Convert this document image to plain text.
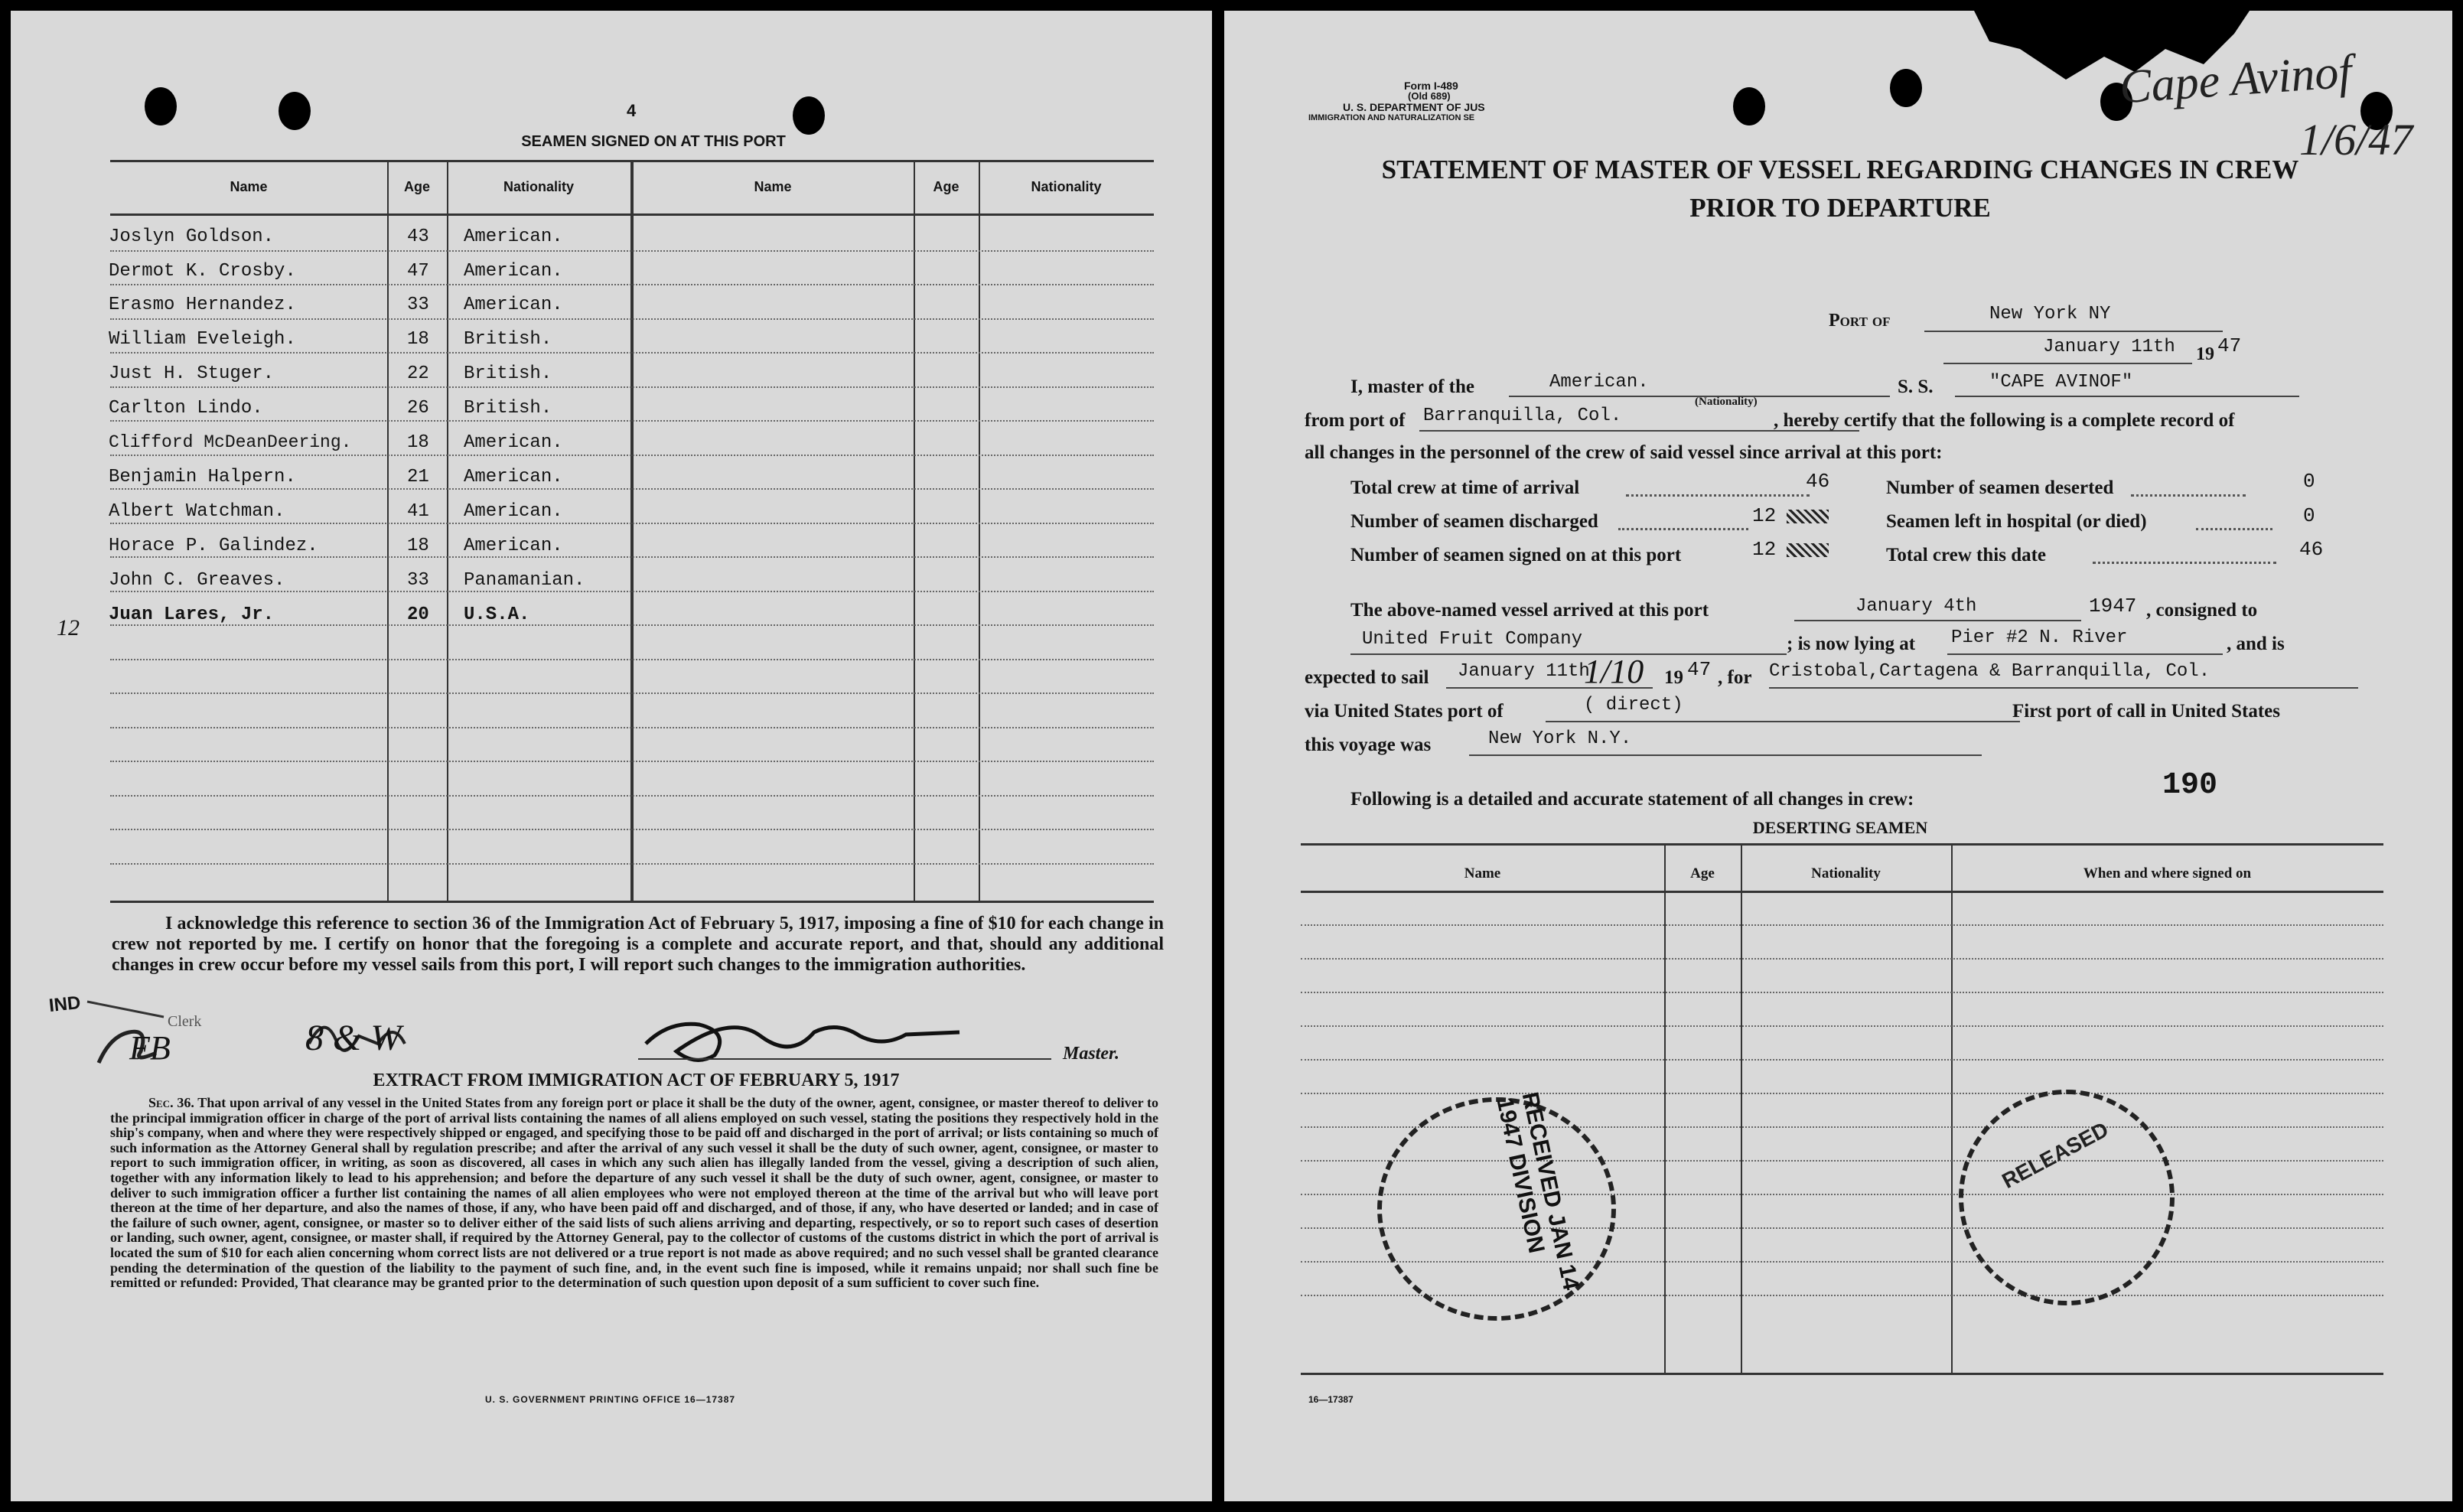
4
SEAMEN SIGNED ON AT THIS PORT
Name	Age	Nationality	Name	Age	Nationality
12
Joslyn Goldson.	43 American.
Dermot K. Crosby.	47 American.
Erasmo Hernandez.	33 American.
William Eveleigh.	18 British.
Just H. Stuger.	22 British.
Carlton Lindo.	26 British.
Clifford McDeanDeering.	18 American.
Benjamin Halpern.	21 American.
Albert Watchman.	41 American.
Horace P. Galindez.	18 American.
John C. Greaves.	33 Panamanian.
Juan Lares, Jr.	20 U.S.A.
I acknowledge this reference to section 36 of the Immigration Act of February 5, 1917, imposing a fine of $10 for each change in crew not reported by me. I certify on honor that the foregoing is a complete and accurate report, and that, should any additional changes in crew occur before my vessel sails from this port, I will report such changes to the immigration authorities.
IND
Clerk
FB	8 & W	Master.
EXTRACT FROM IMMIGRATION ACT OF FEBRUARY 5, 1917
Sec. 36. That upon arrival of any vessel in the United States from any foreign port or place it shall be the duty of the owner, agent, consignee, or master thereof to deliver to the principal immigration officer in charge of the port of arrival lists containing the names of all aliens employed on such vessel, stating the positions they respectively hold in the ship's company, when and where they were respectively shipped or engaged, and specifying those to be paid off and discharged in the port of arrival; or lists containing so much of such information as the Attorney General shall by regulation prescribe; and after the arrival of any such vessel it shall be the duty of such owner, agent, consignee, or master to report to such immigration officer, in writing, as soon as discovered, all cases in which any such alien has illegally landed from the vessel, giving a description of such alien, together with any information likely to lead to his apprehension; and before the departure of any such vessel it shall be the duty of such owner, agent, consignee, or master to deliver to such immigration officer a further list containing the names of all alien employees who were not employed thereon at the time of the arrival but who will leave port thereon at the time of her departure, and also the names of those, if any, who have been paid off and discharged, and of those, if any, who have deserted or landed; and in case of the failure of such owner, agent, consignee, or master so to deliver either of the said lists of such aliens arriving and departing, respectively, or so to report such cases of desertion or landing, such owner, agent, consignee, or master shall, if required by the Attorney General, pay to the collector of customs of the customs district in which the port of arrival is located the sum of $10 for each alien concerning whom correct lists are not delivered or a true report is not made as above required; and no such vessel shall be granted clearance pending the determination of the question of the liability to the payment of such fine, and, in the event such fine is imposed, while it remains unpaid; nor shall such fine be remitted or refunded: Provided, That clearance may be granted prior to the determination of such question upon deposit of a sum sufficient to cover such fine.
U. S. GOVERNMENT PRINTING OFFICE 16—17387
Form I-489
(Old 689)
U. S. DEPARTMENT OF JUS
IMMIGRATION AND NATURALIZATION SE
Cape Avinof
1/6/47
STATEMENT OF MASTER OF VESSEL REGARDING CHANGES IN CREW
PRIOR TO DEPARTURE
Port of	New York NY
January 11th 19 47
I, master of the	American.
(Nationality)
S. S.	"CAPE AVINOF"
from port of Barranquilla, Col.	, hereby certify that the following is a complete record of
all changes in the personnel of the crew of said vessel since arrival at this port:
Total crew at time of arrival	46
Number of seamen discharged	12
Number of seamen signed on at this port	12
Number of seamen deserted	0
Seamen left in hospital (or died)	0
Total crew this date	46
The above-named vessel arrived at this port	January 4th	1947 , consigned to
United Fruit Company	; is now lying at Pier #2 N. River	, and is
expected to sail January 11th
1/10 19 47 , for Cristobal,Cartagena & Barranquilla, Col.
via United States port of	( direct)	First port of call in United States
this voyage was	New York N.Y.
Following is a detailed and accurate statement of all changes in crew:	190
DESERTING SEAMEN
Name	Age	Nationality	When and where signed on
RECEIVED JAN 14 1947 DIVISION	RELEASED
16—17387
